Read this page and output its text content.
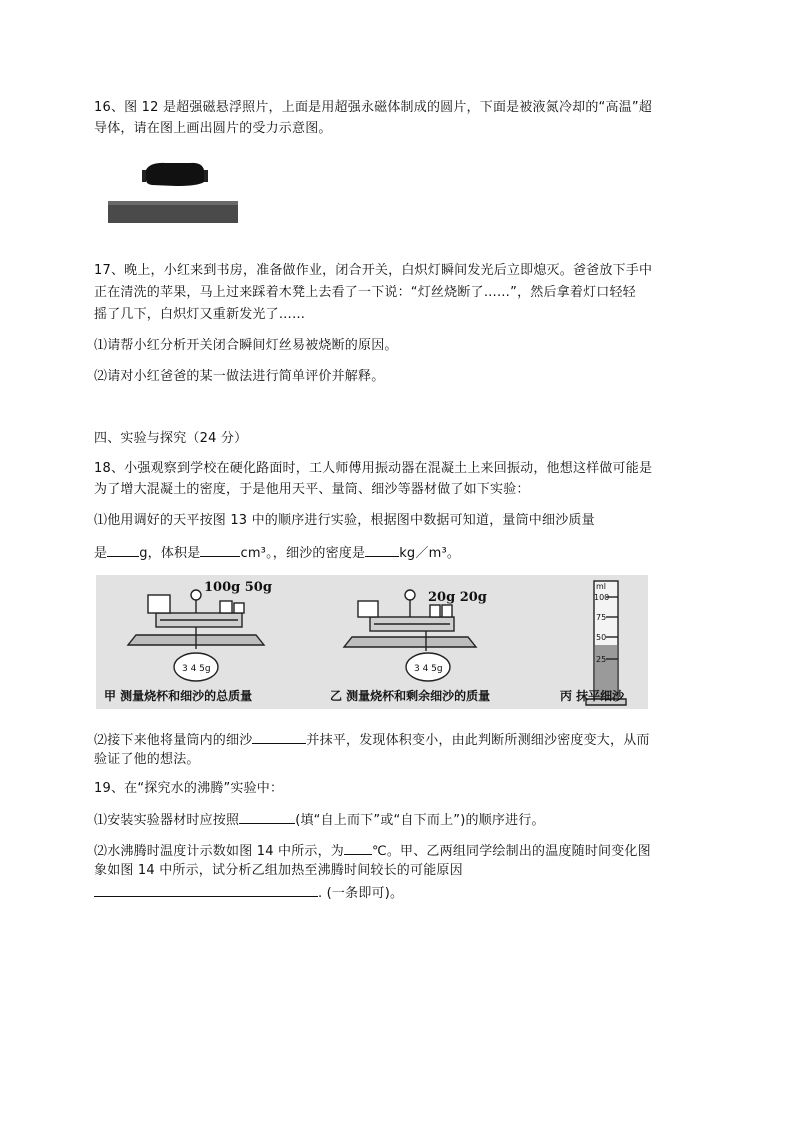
16、图 12 是超强磁悬浮照片，上面是用超强永磁体制成的圆片，下面是被液氮冷却的“高温”超
导体，请在图上画出圆片的受力示意图。
17、晚上，小红来到书房，准备做作业，闭合开关，白炽灯瞬间发光后立即熄灭。爸爸放下手中
正在清洗的苹果，马上过来踩着木凳上去看了一下说：“灯丝烧断了……”，然后拿着灯口轻轻
摇了几下，白炽灯又重新发光了……
⑴请帮小红分析开关闭合瞬间灯丝易被烧断的原因。
⑵请对小红爸爸的某一做法进行简单评价并解释。
四、实验与探究（24 分）
18、小强观察到学校在硬化路面时，工人师傅用振动器在混凝土上来回振动，他想这样做可能是
为了增大混凝土的密度，于是他用天平、量筒、细沙等器材做了如下实验：
⑴他用调好的天平按图 13 中的顺序进行实验，根据图中数据可知道，量筒中细沙质量
是 g，体积是	cm³。，细沙的密度是	kg／m³。
100g 50g
3 4 5g
20g 20g
3 4 5g
ml
100
75
50
25
甲 测量烧杯和细沙的总质量	乙 测量烧杯和剩余细沙的质量	丙 抹平细沙
⑵接下来他将量筒内的细沙	并抹平，发现体积变小，由此判断所测细沙密度变大，从而
验证了他的想法。
19、在“探究水的沸腾”实验中：
⑴安装实验器材时应按照	(填“自上而下”或“自下而上”)的顺序进行。
⑵水沸腾时温度计示数如图 14 中所示，为 ℃。甲、乙两组同学绘制出的温度随时间变化图
象如图 14 中所示，试分析乙组加热至沸腾时间较长的可能原因
. (一条即可)。
